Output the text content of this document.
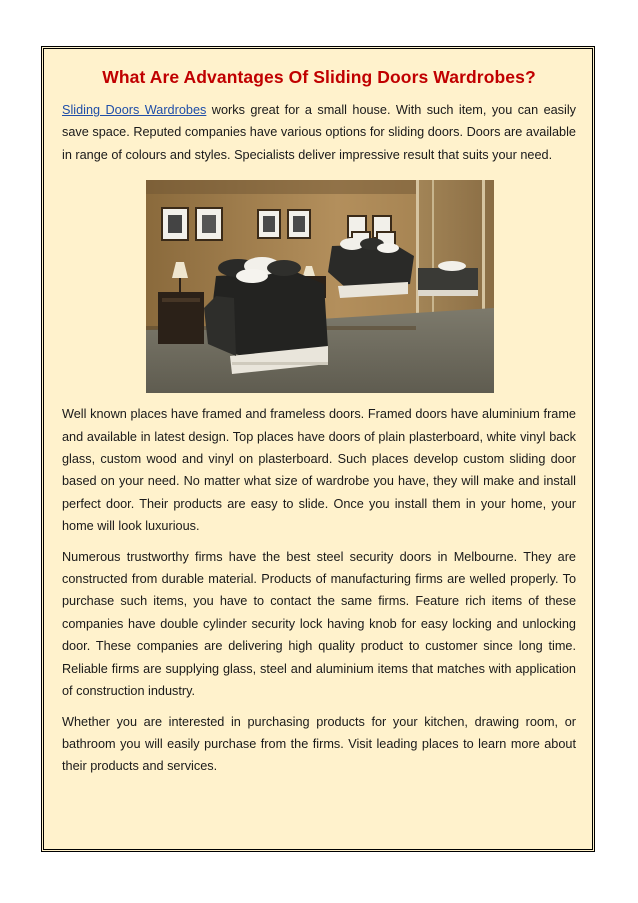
What Are Advantages Of Sliding Doors Wardrobes?

Sliding Doors Wardrobes works great for a small house. With such item, you can easily save space. Reputed companies have various options for sliding doors. Doors are available in range of colours and styles. Specialists deliver impressive result that suits your need.

Well known places have framed and frameless doors. Framed doors have aluminium frame and available in latest design. Top places have doors of plain plasterboard, white vinyl back glass, custom wood and vinyl on plasterboard. Such places develop custom sliding door based on your need. No matter what size of wardrobe you have, they will make and install perfect door. Their products are easy to slide. Once you install them in your home, your home will look luxurious.

Numerous trustworthy firms have the best steel security doors in Melbourne. They are constructed from durable material. Products of manufacturing firms are welled properly. To purchase such items, you have to contact the same firms. Feature rich items of these companies have double cylinder security lock having knob for easy locking and unlocking door. These companies are delivering high quality product to customer since long time. Reliable firms are supplying glass, steel and aluminium items that matches with application of construction industry.

Whether you are interested in purchasing products for your kitchen, drawing room, or bathroom you will easily purchase from the firms. Visit leading places to learn more about their products and services.
